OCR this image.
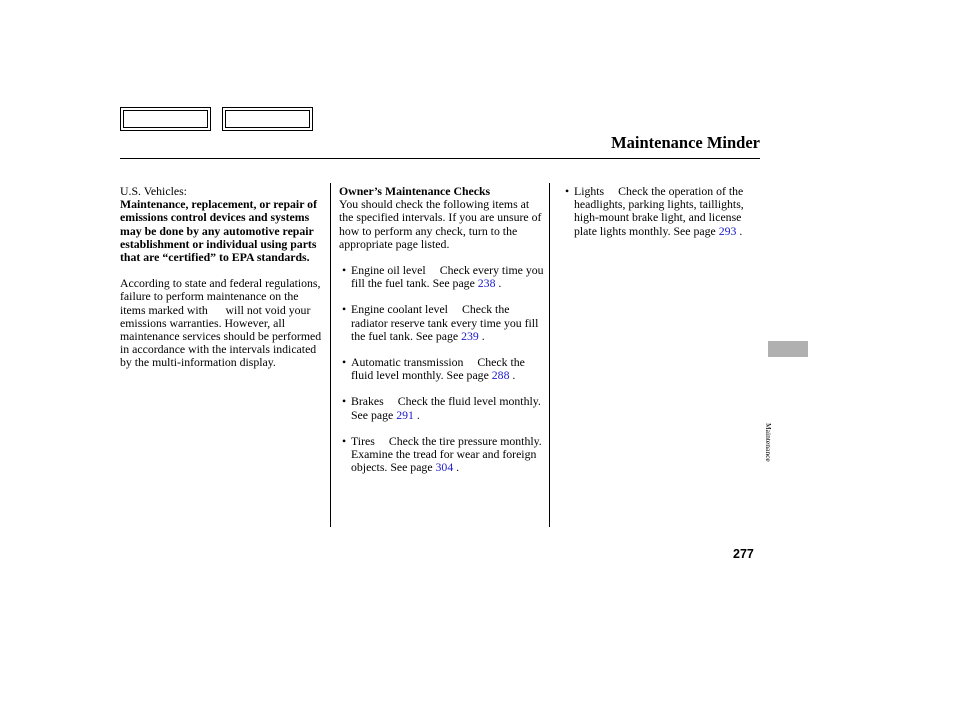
Maintenance Minder

U.S. Vehicles:

Maintenance, replacement, or repair of emissions control devices and systems may be done by any automotive repair establishment or individual using parts that are “certified” to EPA standards.

According to state and federal regulations, failure to perform maintenance on the items marked with will not void your emissions warranties. However, all maintenance services should be performed in accordance with the intervals indicated by the multi-information display.

Owner’s Maintenance Checks

You should check the following items at the specified intervals. If you are unsure of how to perform any check, turn to the appropriate page listed.

• Engine oil level Check every time you fill the fuel tank. See page 238 .

• Engine coolant level Check the radiator reserve tank every time you fill the fuel tank. See page 239 .

• Automatic transmission Check the fluid level monthly. See page 288 .

• Brakes Check the fluid level monthly. See page 291 .

• Tires Check the tire pressure monthly. Examine the tread for wear and foreign objects. See page 304 .

• Lights Check the operation of the headlights, parking lights, taillights, high-mount brake light, and license plate lights monthly. See page 293 .

Maintenance
277
